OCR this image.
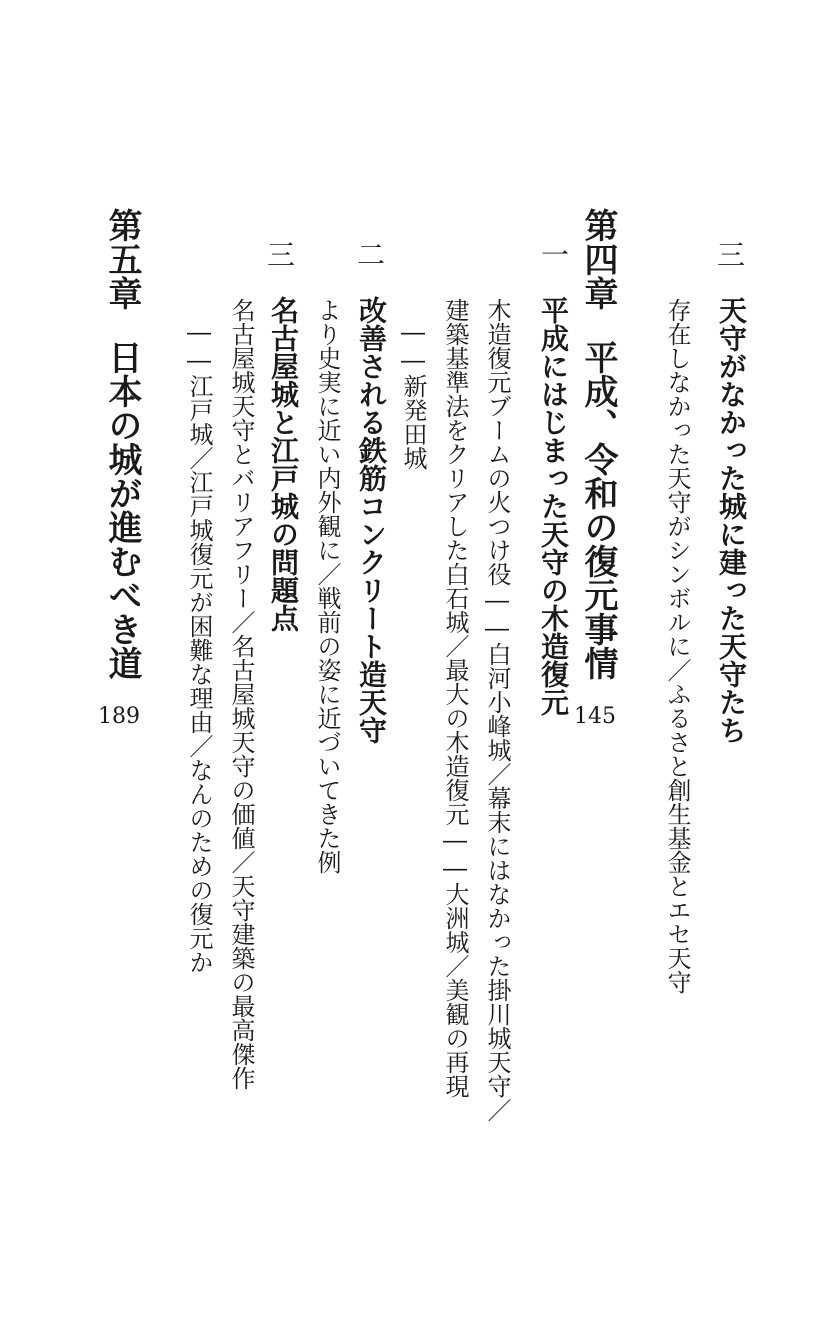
三
天守がなかった城に建った天守たち
存在しなかった天守がシンボルに／ふるさと創生基金とエセ天守
第四章平成、令和の復元事情
145
一
平成にはじまった天守の木造復元
木造復元ブームの火つけ役――白河小峰城／幕末にはなかった掛川城天守／
建築基準法をクリアした白石城／最大の木造復元――大洲城／美観の再現
――新発田城
二
改善される鉄筋コンクリート造天守
より史実に近い内外観に／戦前の姿に近づいてきた例
三
名古屋城と江戸城の問題点
名古屋城天守とバリアフリー／名古屋城天守の価値／天守建築の最高傑作
――江戸城／江戸城復元が困難な理由／なんのための復元か
第五章日本の城が進むべき道
189
